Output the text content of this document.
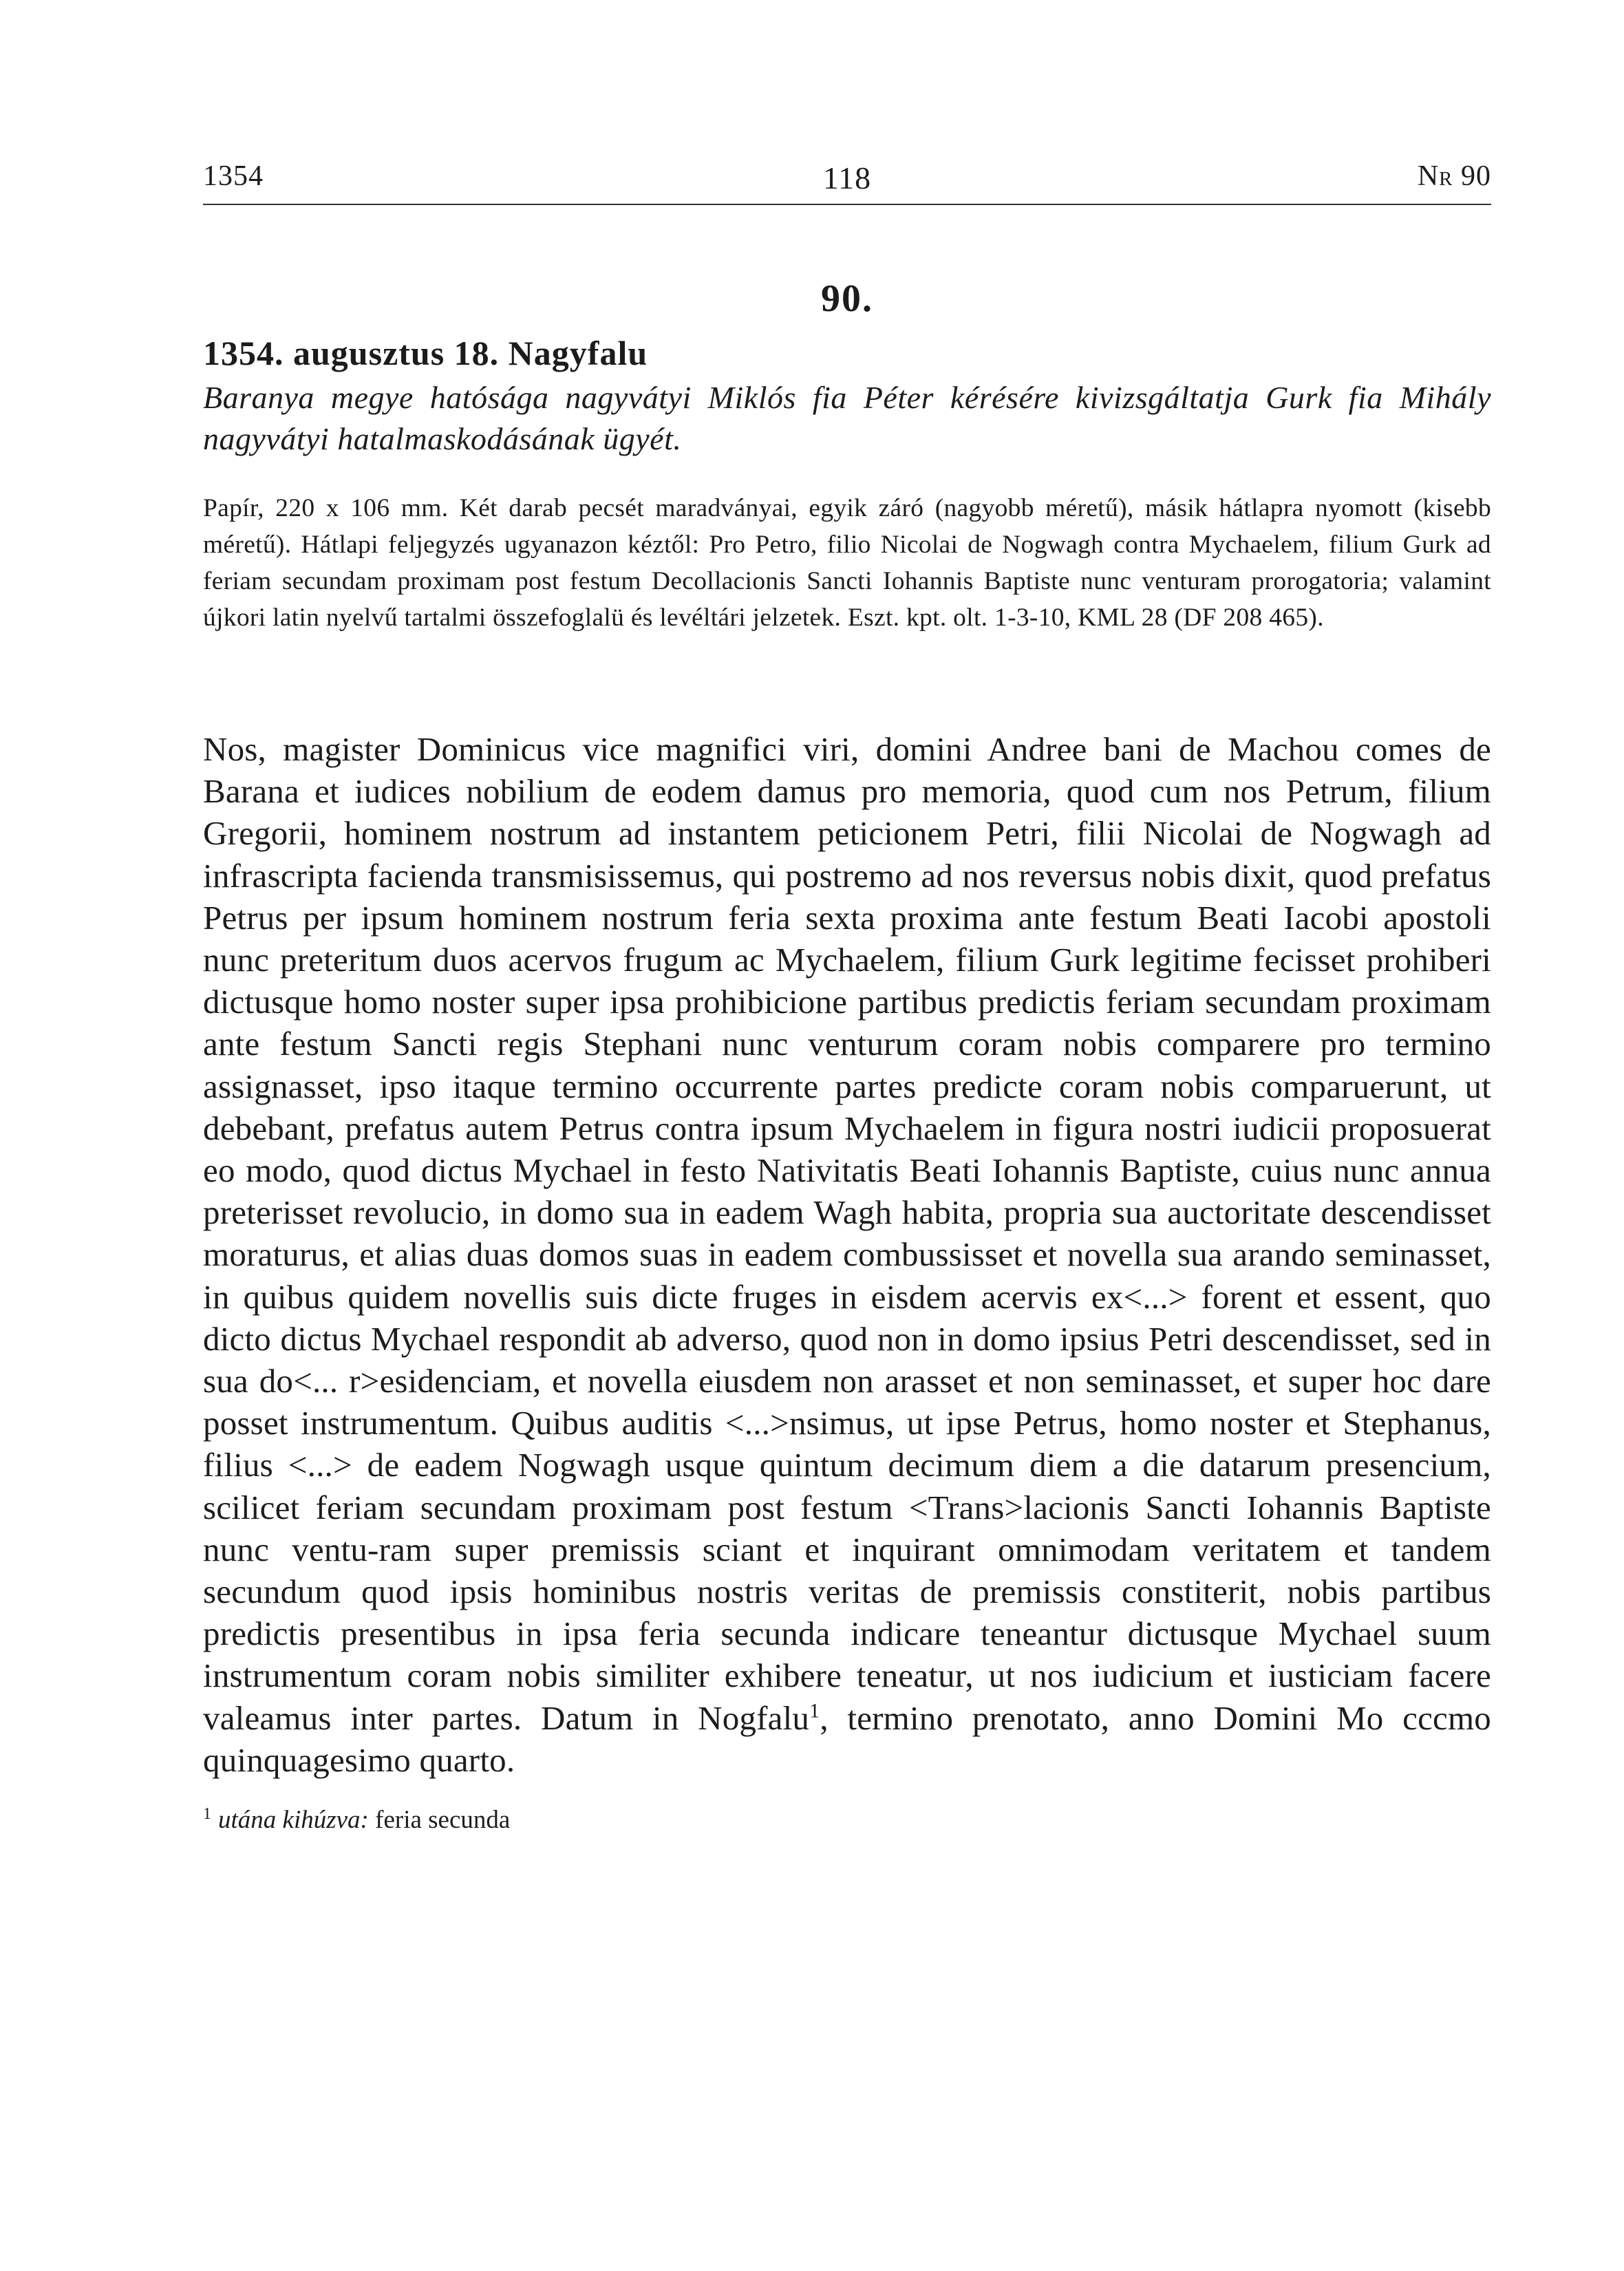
1354	118	Nr 90
90.
1354. augusztus 18. Nagyfalu
Baranya megye hatósága nagyvátyi Miklós fia Péter kérésére kivizsgáltatja Gurk fia Mihály nagyvátyi hatalmaskodásának ügyét.
Papír, 220 x 106 mm. Két darab pecsét maradványai, egyik záró (nagyobb méretű), másik hátlapra nyomott (kisebb méretű). Hátlapi feljegyzés ugyanazon kéztől: Pro Petro, filio Nicolai de Nogwagh contra Mychaelem, filium Gurk ad feriam secundam proximam post festum Decollacionis Sancti Iohannis Baptiste nunc venturam prorogatoria; valamint újkori latin nyelvű tartalmi összefoglalü és levéltári jelzetek. Eszt. kpt. olt. 1-3-10, KML 28 (DF 208 465).
Nos, magister Dominicus vice magnifici viri, domini Andree bani de Machou comes de Barana et iudices nobilium de eodem damus pro memoria, quod cum nos Petrum, filium Gregorii, hominem nostrum ad instantem peticionem Petri, filii Nicolai de Nogwagh ad infrascripta facienda transmisissemus, qui postremo ad nos reversus nobis dixit, quod prefatus Petrus per ipsum hominem nostrum feria sexta proxima ante festum Beati Iacobi apostoli nunc preteritum duos acervos frugum ac Mychaelem, filium Gurk legitime fecisset prohiberi dictusque homo noster super ipsa prohibicione partibus predictis feriam secundam proximam ante festum Sancti regis Stephani nunc venturum coram nobis comparere pro termino assignasset, ipso itaque termino occurrente partes predicte coram nobis comparuerunt, ut debebant, prefatus autem Petrus contra ipsum Mychaelem in figura nostri iudicii proposuerat eo modo, quod dictus Mychael in festo Nativitatis Beati Iohannis Baptiste, cuius nunc annua preterisset revolucio, in domo sua in eadem Wagh habita, propria sua auctoritate descendisset moraturus, et alias duas domos suas in eadem combussisset et novella sua arando seminasset, in quibus quidem novellis suis dicte fruges in eisdem acervis ex<...> forent et essent, quo dicto dictus Mychael respondit ab adverso, quod non in domo ipsius Petri descendisset, sed in sua do<... r>esidenciam, et novella eiusdem non arasset et non seminasset, et super hoc dare posset instrumentum. Quibus auditis <...>nsimus, ut ipse Petrus, homo noster et Stephanus, filius <...> de eadem Nogwagh usque quintum decimum diem a die datarum presencium, scilicet feriam secundam proximam post festum <Trans>lacionis Sancti Iohannis Baptiste nunc ventu-ram super premissis sciant et inquirant omnimodam veritatem et tandem secundum quod ipsis hominibus nostris veritas de premissis constiterit, nobis partibus predictis presentibus in ipsa feria secunda indicare teneantur dictusque Mychael suum instrumentum coram nobis similiter exhibere teneatur, ut nos iudicium et iusticiam facere valeamus inter partes. Datum in Nogfalu$^1$, termino prenotato, anno Domini Mo cccmo quinquagesimo quarto.
$^1$ utána kihúzva: feria secunda
